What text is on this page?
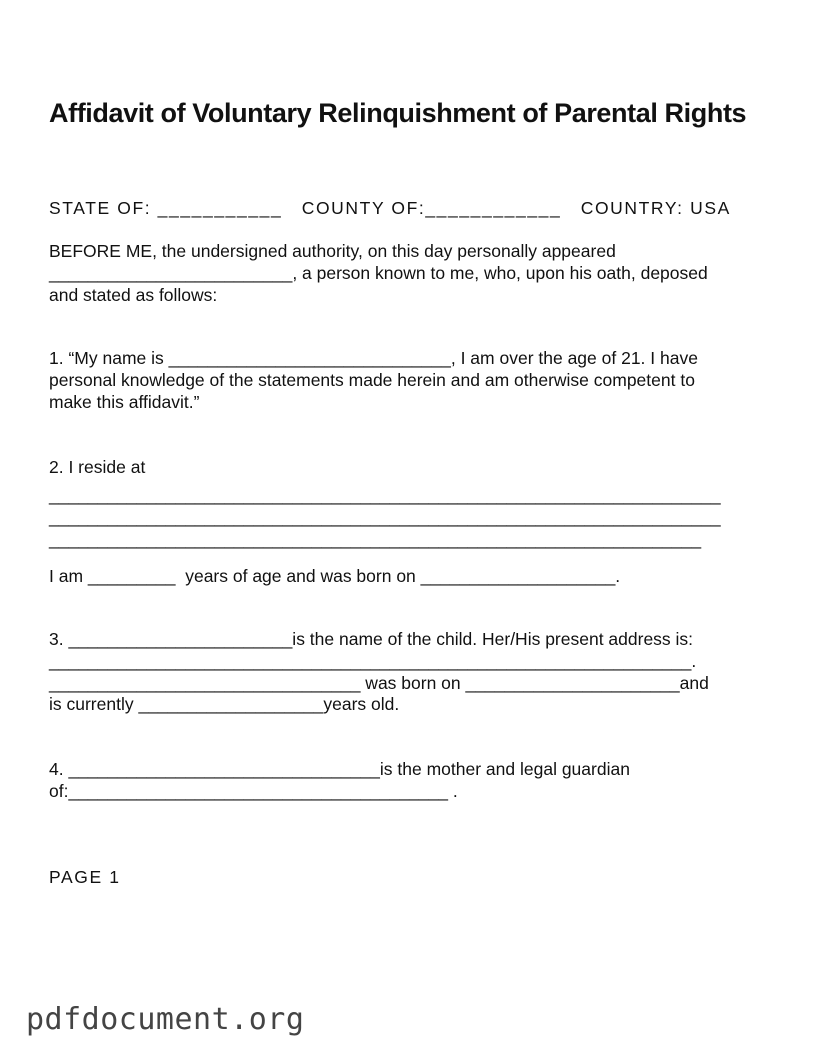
Affidavit of Voluntary Relinquishment of Parental Rights
STATE OF: ___________   COUNTY OF:____________   COUNTRY: USA
BEFORE ME, the undersigned authority, on this day personally appeared
_________________________, a person known to me, who, upon his oath, deposed
and stated as follows:
1. “My name is _____________________________, I am over the age of 21. I have
personal knowledge of the statements made herein and am otherwise competent to
make this affidavit.”
2. I reside at
_____________________________________________________________________
_____________________________________________________________________
___________________________________________________________________
I am _________  years of age and was born on ____________________.
3. _______________________is the name of the child. Her/His present address is:
__________________________________________________________________.
________________________________ was born on ______________________and
is currently ___________________years old.
4. ________________________________is the mother and legal guardian
of:_______________________________________ .
PAGE 1
pdfdocument.org
